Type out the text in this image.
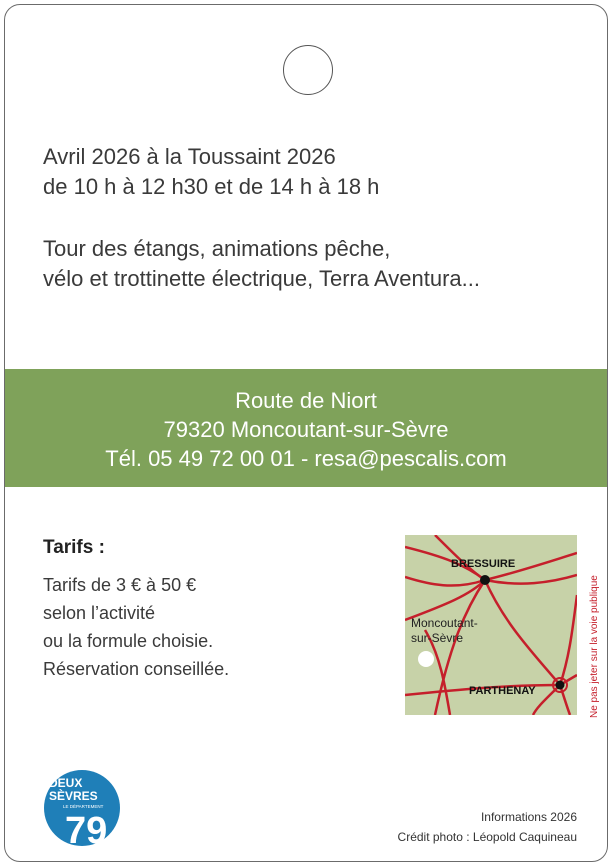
Avril 2026 à la Toussaint 2026
de 10 h à 12 h30 et de 14 h à 18 h

Tour des étangs, animations pêche,
vélo et trottinette électrique, Terra Aventura...

Route de Niort
79320 Moncoutant-sur-Sèvre
Tél. 05 49 72 00 01 - resa@pescalis.com

Tarifs :

Tarifs de 3 € à 50 €
selon l’activité
ou la formule choisie.
Réservation conseillée.

BRESSUIRE
Moncoutant-
sur-Sèvre
PARTHENAY	Ne pas jeter sur la voie publique
DEUX
SÈVRES
LE DÉPARTEMENT
79	Informations 2026
Crédit photo : Léopold Caquineau
